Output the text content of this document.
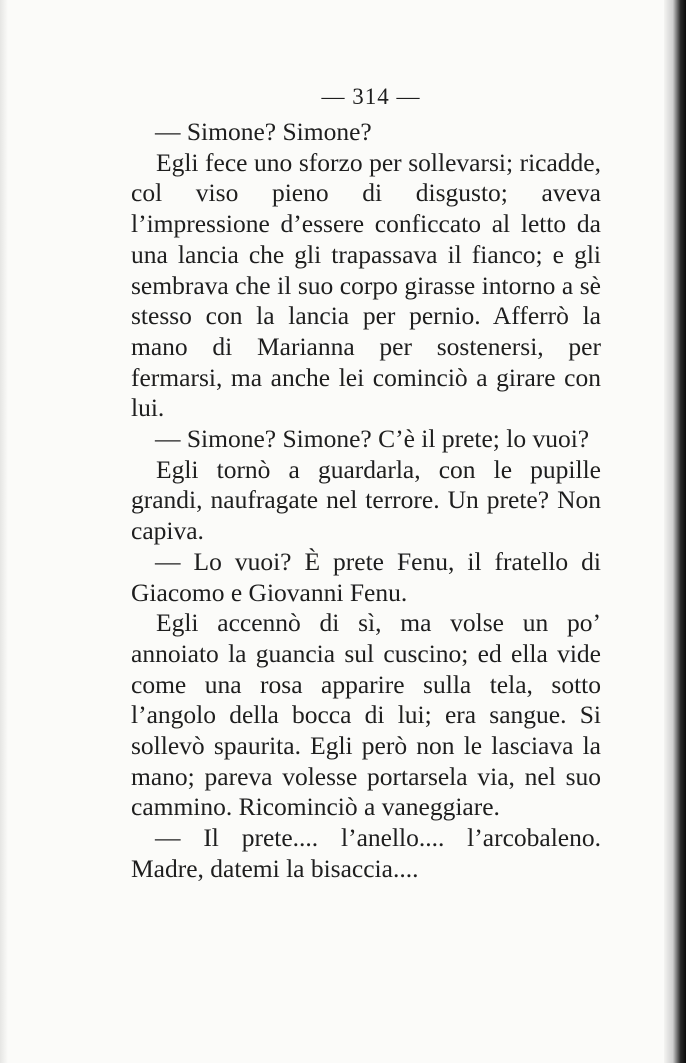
— 314 —

— Simone? Simone?

Egli fece uno sforzo per sollevarsi; ricadde, col viso pieno di disgusto; aveva l’impressione d’essere conficcato al letto da una lancia che gli trapassava il fianco; e gli sembrava che il suo corpo girasse intorno a sè stesso con la lancia per pernio. Afferrò la mano di Marianna per sostenersi, per fermarsi, ma anche lei cominciò a girare con lui.

— Simone? Simone? C’è il prete; lo vuoi?

Egli tornò a guardarla, con le pupille grandi, naufragate nel terrore. Un prete? Non capiva.

— Lo vuoi? È prete Fenu, il fratello di Giacomo e Giovanni Fenu.

Egli accennò di sì, ma volse un po’ annoiato la guancia sul cuscino; ed ella vide come una rosa apparire sulla tela, sotto l’angolo della bocca di lui; era sangue. Si sollevò spaurita. Egli però non le lasciava la mano; pareva volesse portarsela via, nel suo cammino. Ricominciò a vaneggiare.

— Il prete.... l’anello.... l’arcobaleno. Madre, datemi la bisaccia....
